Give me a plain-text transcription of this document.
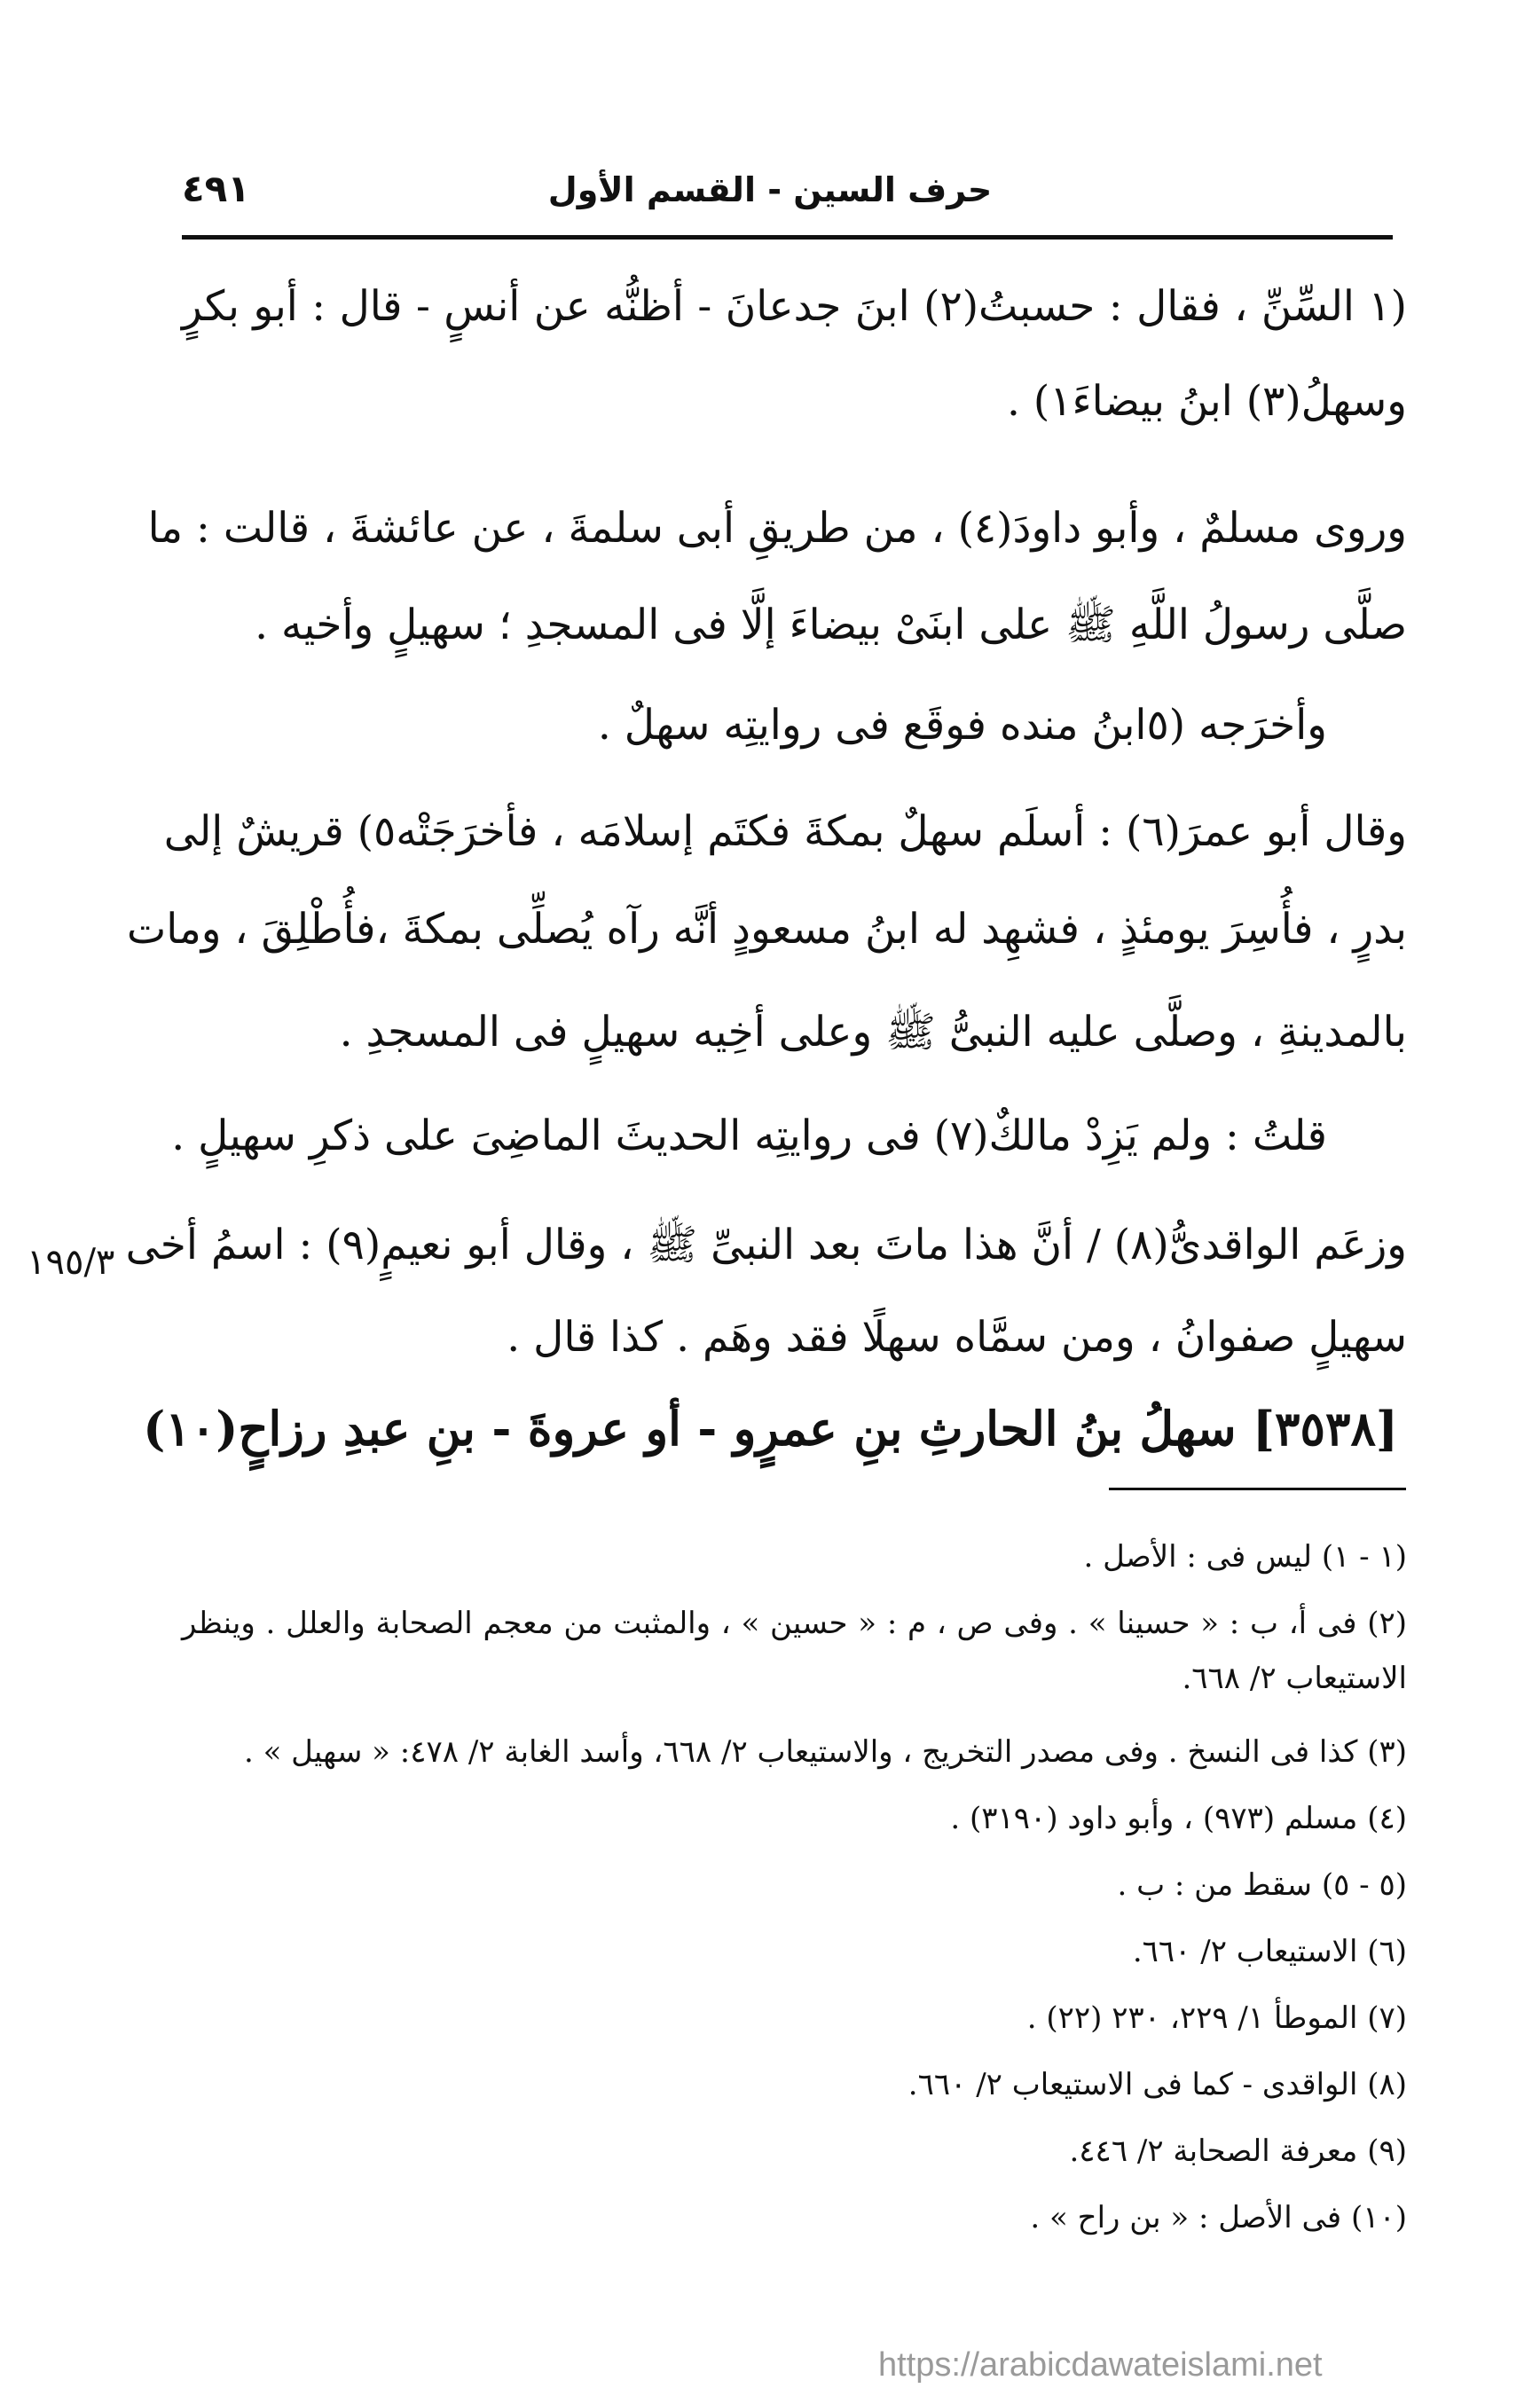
حرف السين - القسم الأول
٤٩١

(١ السِّنِّ ، فقال : حسبتُ(٢) ابنَ جدعانَ - أظنُّه عن أنسٍ - قال : أبو بكرٍ

وسهلُ(٣) ابنُ بيضاءَ١) .

وروى مسلمٌ ، وأبو داودَ(٤) ، من طريقِ أبى سلمةَ ، عن عائشةَ ، قالت : ما

صلَّى رسولُ اللَّهِ ﷺ على ابنَىْ بيضاءَ إلَّا فى المسجدِ ؛ سهيلٍ وأخيه .

وأخرَجه (٥ابنُ منده فوقَع فى روايتِه سهلٌ .

وقال أبو عمرَ(٦) : أسلَم سهلٌ بمكةَ فكتَم إسلامَه ، فأخرَجَتْه٥) قريشٌ إلى

بدرٍ ، فأُسِرَ يومئذٍ ، فشهِد له ابنُ مسعودٍ أنَّه رآه يُصلِّى بمكةَ ،فأُطْلِقَ ، ومات

بالمدينةِ ، وصلَّى عليه النبىُّ ﷺ وعلى أخِيه سهيلٍ فى المسجدِ .

قلتُ : ولم يَزِدْ مالكٌ(٧) فى روايتِه الحديثَ الماضِىَ على ذكرِ سهيلٍ .

وزعَم الواقدىُّ(٨) / أنَّ هذا ماتَ بعد النبىِّ ﷺ ، وقال أبو نعيمٍ(٩) : اسمُ أخى

سهيلٍ صفوانُ ، ومن سمَّاه سهلًا فقد وهَم . كذا قال .

١٩٥/٣

[٣٥٣٨] سهلُ بنُ الحارثِ بنِ عمرٍو - أو عروةَ - بنِ عبدِ رزاحٍ(١٠)

(١ - ١) ليس فى : الأصل .

(٢) فى أ، ب : « حسينا » . وفى ص ، م : « حسين » ، والمثبت من معجم الصحابة والعلل . وينظر

الاستيعاب ٢/ ٦٦٨.

(٣) كذا فى النسخ . وفى مصدر التخريج ، والاستيعاب ٢/ ٦٦٨، وأسد الغابة ٢/ ٤٧٨: « سهيل » .

(٤) مسلم (٩٧٣) ، وأبو داود (٣١٩٠) .

(٥ - ٥) سقط من : ب .

(٦) الاستيعاب ٢/ ٦٦٠.

(٧) الموطأ ١/ ٢٢٩، ٢٣٠ (٢٢) .

(٨) الواقدى - كما فى الاستيعاب ٢/ ٦٦٠.

(٩) معرفة الصحابة ٢/ ٤٤٦.

(١٠) فى الأصل : « بن راح » .

https://arabicdawateislami.net
